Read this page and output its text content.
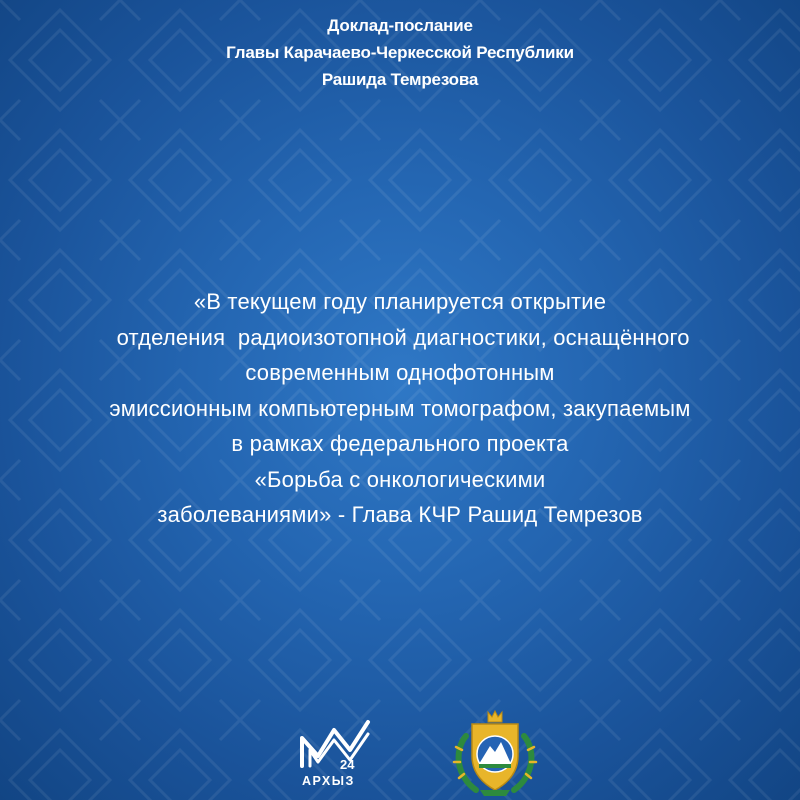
Доклад-послание
Главы Карачаево-Черкесской Республики
Рашида Темрезова
«В текущем году планируется открытие
отделения  радиоизотопной диагностики, оснащённого
современным однофотонным
эмиссионным компьютерным томографом, закупаемым
в рамках федерального проекта
«Борьба с онкологическими
заболеваниями» - Глава КЧР Рашид Темрезов
24
АРХЫЗ
